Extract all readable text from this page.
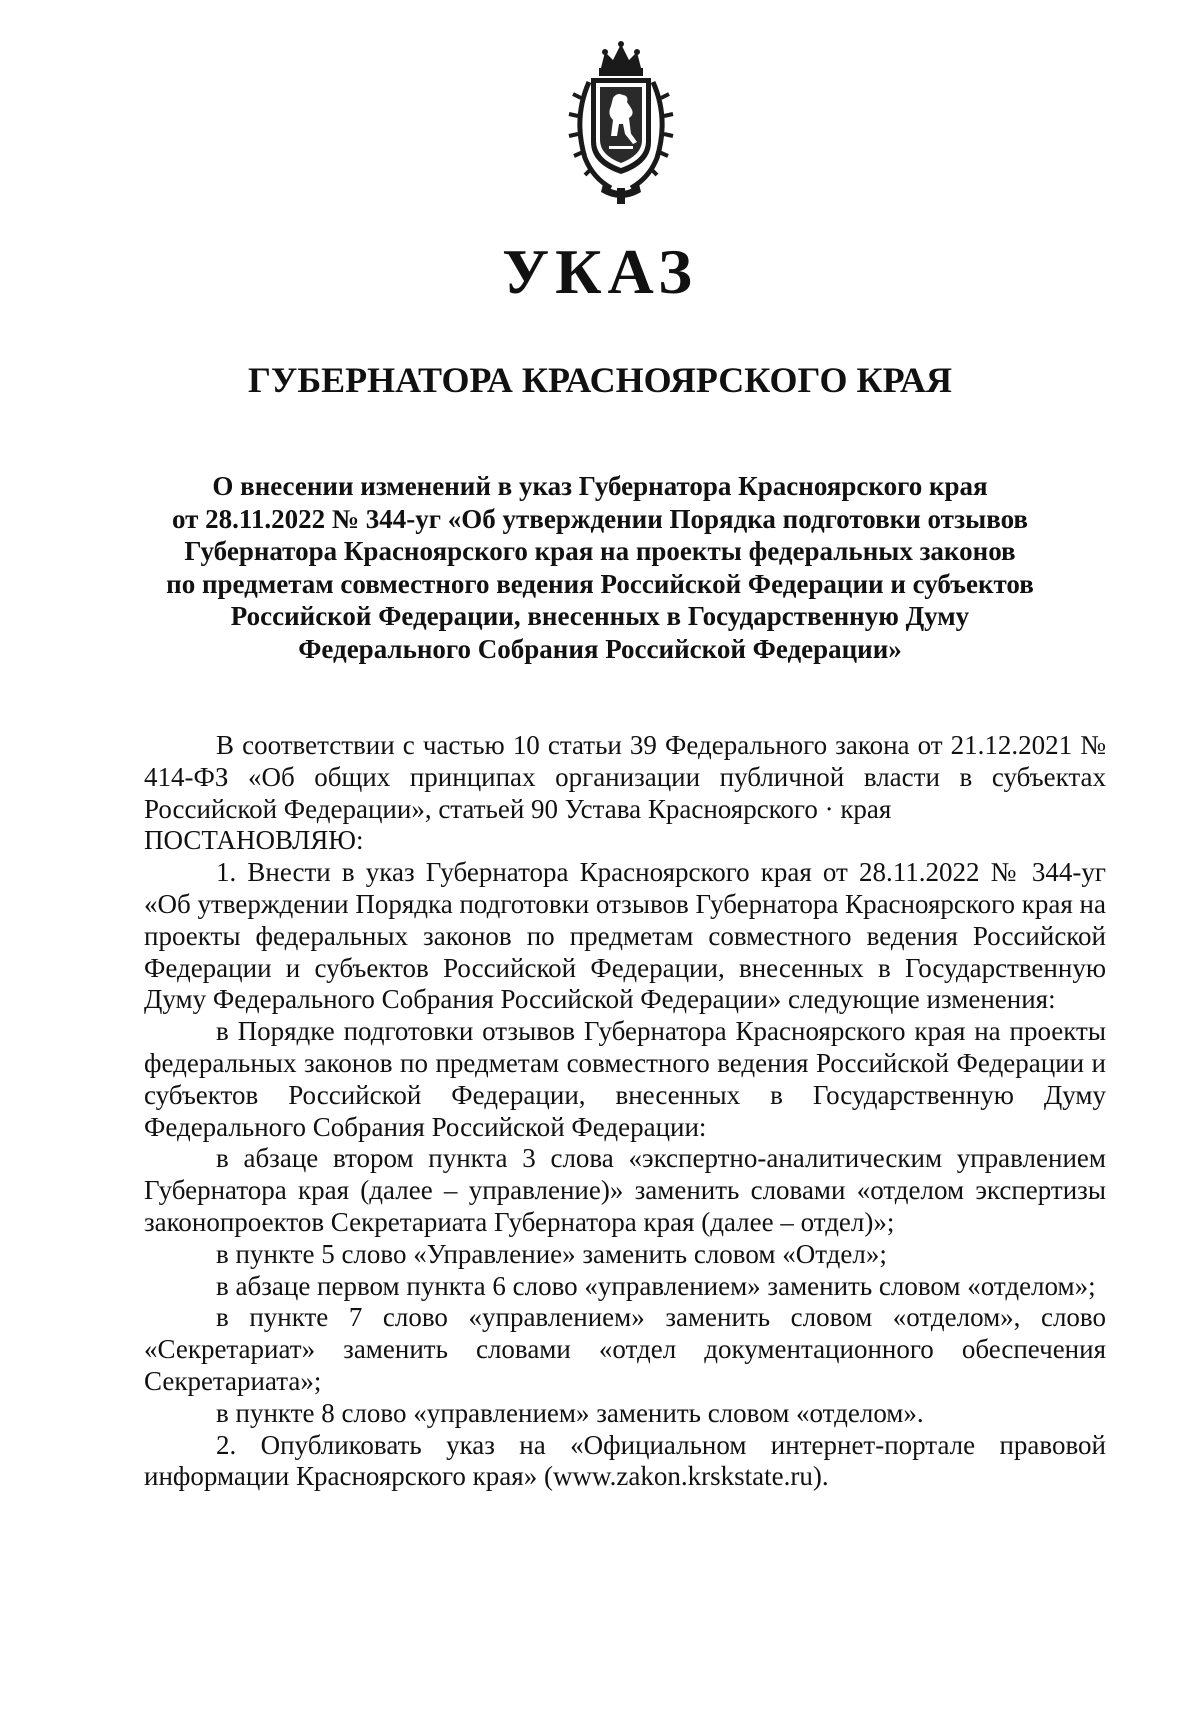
УКАЗ
ГУБЕРНАТОРА КРАСНОЯРСКОГО КРАЯ
О внесении изменений в указ Губернатора Красноярского края
от 28.11.2022 № 344-уг «Об утверждении Порядка подготовки отзывов
Губернатора Красноярского края на проекты федеральных законов
по предметам совместного ведения Российской Федерации и субъектов
Российской Федерации, внесенных в Государственную Думу
Федерального Собрания Российской Федерации»

В соответствии с частью 10 статьи 39 Федерального закона от 21.12.2021 № 414-ФЗ «Об общих принципах организации публичной власти в субъектах Российской Федерации», статьей 90 Устава Красноярского · края

ПОСТАНОВЛЯЮ:

1. Внести в указ Губернатора Красноярского края от 28.11.2022 № 344-уг «Об утверждении Порядка подготовки отзывов Губернатора Красноярского края на проекты федеральных законов по предметам совместного ведения Российской Федерации и субъектов Российской Федерации, внесенных в Государственную Думу Федерального Собрания Российской Федерации» следующие изменения:

в Порядке подготовки отзывов Губернатора Красноярского края на проекты федеральных законов по предметам совместного ведения Российской Федерации и субъектов Российской Федерации, внесенных в Государственную Думу Федерального Собрания Российской Федерации:

в абзаце втором пункта 3 слова «экспертно-аналитическим управлением Губернатора края (далее – управление)» заменить словами «отделом экспертизы законопроектов Секретариата Губернатора края (далее – отдел)»;

в пункте 5 слово «Управление» заменить словом «Отдел»;

в абзаце первом пункта 6 слово «управлением» заменить словом «отделом»;

в пункте 7 слово «управлением» заменить словом «отделом», слово «Секретариат» заменить словами «отдел документационного обеспечения Секретариата»;

в пункте 8 слово «управлением» заменить словом «отделом».

2. Опубликовать указ на «Официальном интернет-портале правовой информации Красноярского края» (www.zakon.krskstate.ru).
